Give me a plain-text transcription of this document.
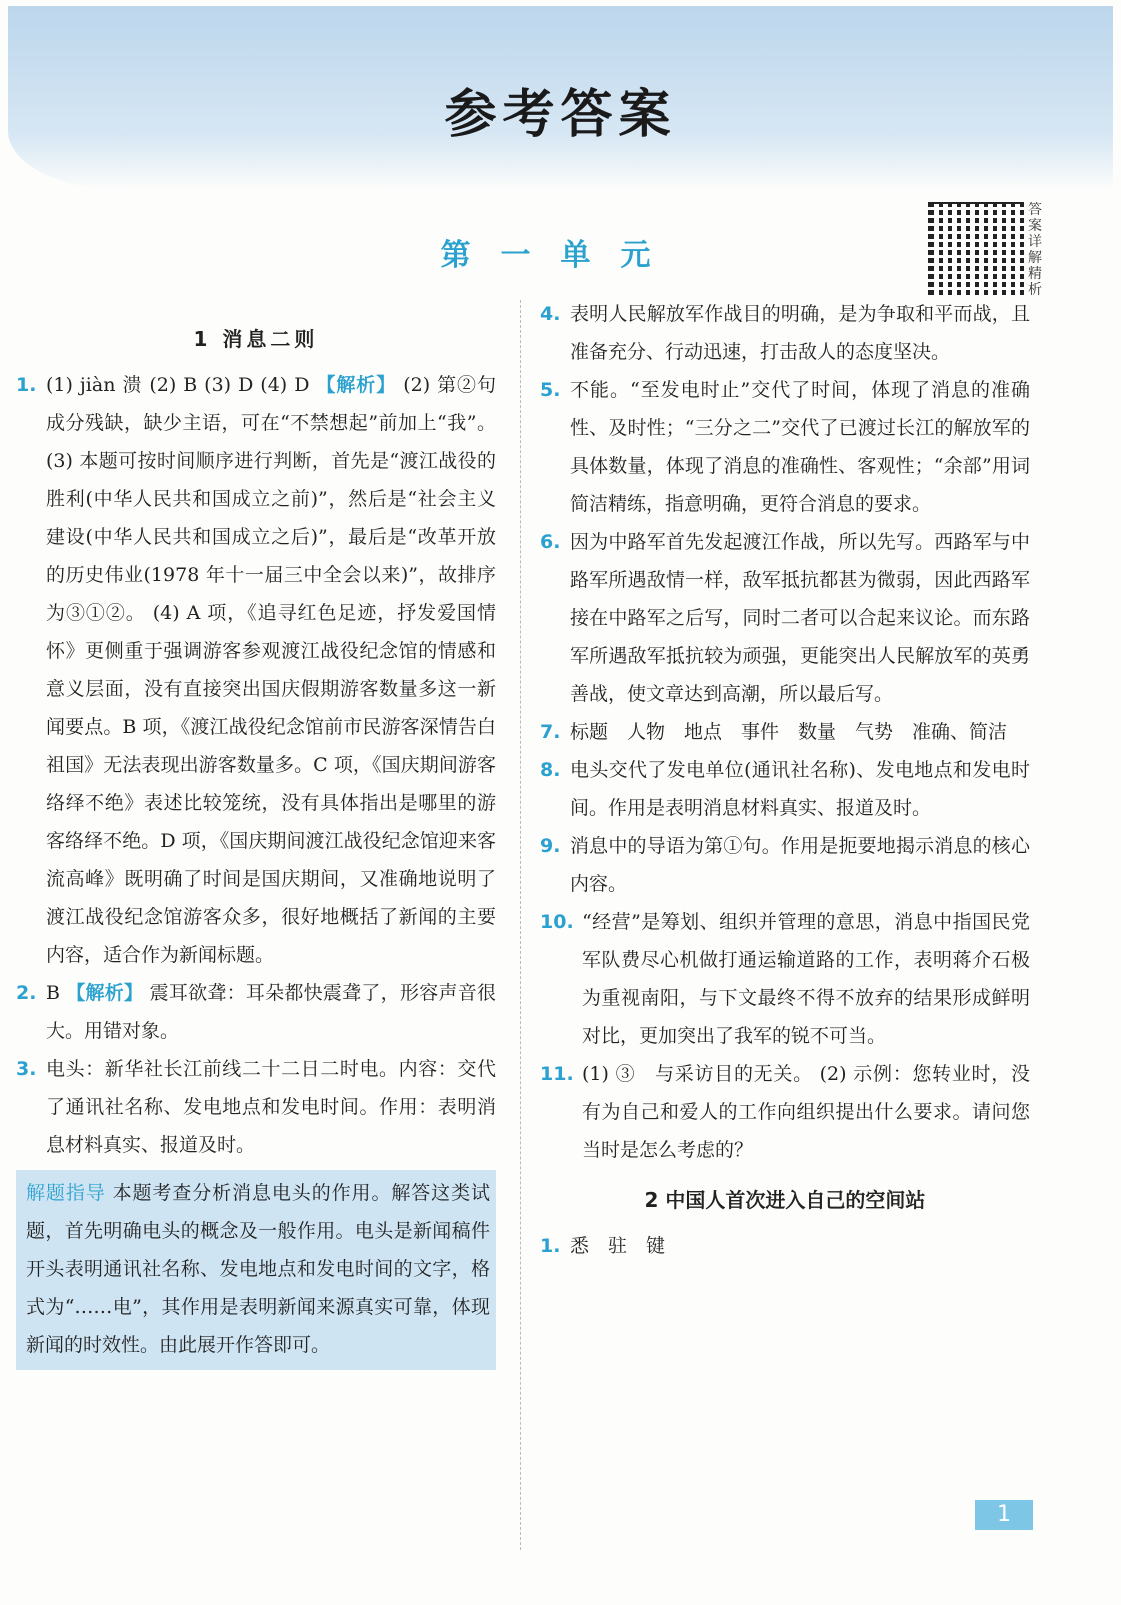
参考答案
第一单元
答案详解精析
1 消息二则
1. (1) jiàn 溃 (2) B (3) D (4) D 【解析】 (2) 第②句成分残缺，缺少主语，可在“不禁想起”前加上“我”。 (3) 本题可按时间顺序进行判断，首先是“渡江战役的胜利(中华人民共和国成立之前)”，然后是“社会主义建设(中华人民共和国成立之后)”，最后是“改革开放的历史伟业(1978 年十一届三中全会以来)”，故排序为③①②。 (4) A 项，《追寻红色足迹，抒发爱国情怀》更侧重于强调游客参观渡江战役纪念馆的情感和意义层面，没有直接突出国庆假期游客数量多这一新闻要点。B 项，《渡江战役纪念馆前市民游客深情告白祖国》无法表现出游客数量多。C 项，《国庆期间游客络绎不绝》表述比较笼统，没有具体指出是哪里的游客络绎不绝。D 项，《国庆期间渡江战役纪念馆迎来客流高峰》既明确了时间是国庆期间，又准确地说明了渡江战役纪念馆游客众多，很好地概括了新闻的主要内容，适合作为新闻标题。
2. B 【解析】 震耳欲聋：耳朵都快震聋了，形容声音很大。用错对象。
3. 电头：新华社长江前线二十二日二时电。内容：交代了通讯社名称、发电地点和发电时间。作用：表明消息材料真实、报道及时。
解题指导 本题考查分析消息电头的作用。解答这类试题，首先明确电头的概念及一般作用。电头是新闻稿件开头表明通讯社名称、发电地点和发电时间的文字，格式为“……电”，其作用是表明新闻来源真实可靠，体现新闻的时效性。由此展开作答即可。
4. 表明人民解放军作战目的明确，是为争取和平而战，且准备充分、行动迅速，打击敌人的态度坚决。
5. 不能。“至发电时止”交代了时间，体现了消息的准确性、及时性；“三分之二”交代了已渡过长江的解放军的具体数量，体现了消息的准确性、客观性；“余部”用词简洁精练，指意明确，更符合消息的要求。
6. 因为中路军首先发起渡江作战，所以先写。西路军与中路军所遇敌情一样，敌军抵抗都甚为微弱，因此西路军接在中路军之后写，同时二者可以合起来议论。而东路军所遇敌军抵抗较为顽强，更能突出人民解放军的英勇善战，使文章达到高潮，所以最后写。
7. 标题　人物　地点　事件　数量　气势　准确、简洁
8. 电头交代了发电单位(通讯社名称)、发电地点和发电时间。作用是表明消息材料真实、报道及时。
9. 消息中的导语为第①句。作用是扼要地揭示消息的核心内容。
10. “经营”是筹划、组织并管理的意思，消息中指国民党军队费尽心机做打通运输道路的工作，表明蒋介石极为重视南阳，与下文最终不得不放弃的结果形成鲜明对比，更加突出了我军的锐不可当。
11. (1) ③　与采访目的无关。 (2) 示例：您转业时，没有为自己和爱人的工作向组织提出什么要求。请问您当时是怎么考虑的？
2 中国人首次进入自己的空间站
1. 悉　驻　键
1
